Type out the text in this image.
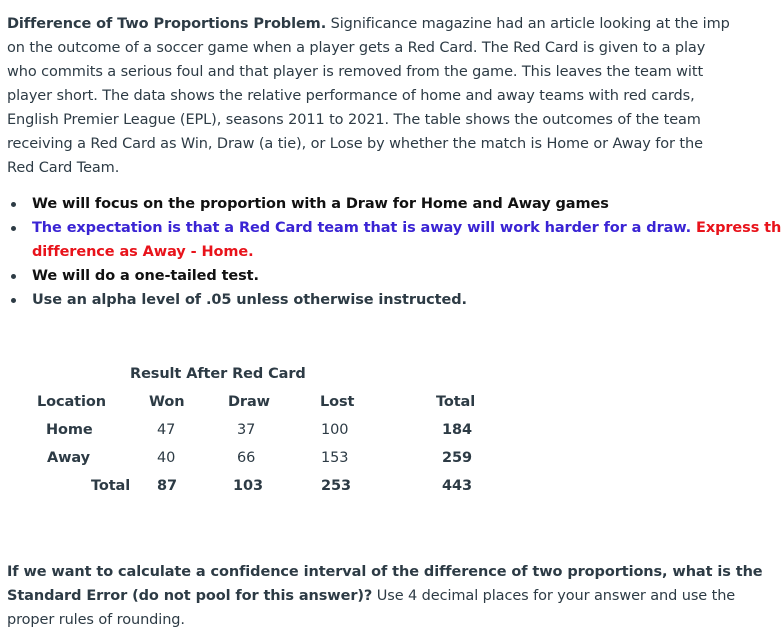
Difference of Two Proportions Problem. Significance magazine had an article looking at the imp
on the outcome of a soccer game when a player gets a Red Card. The Red Card is given to a play
who commits a serious foul and that player is removed from the game. This leaves the team witt
player short. The data shows the relative performance of home and away teams with red cards,
English Premier League (EPL), seasons 2011 to 2021. The table shows the outcomes of the team
receiving a Red Card as Win, Draw (a tie), or Lose by whether the match is Home or Away for the
Red Card Team.
We will focus on the proportion with a Draw for Home and Away games
The expectation is that a Red Card team that is away will work harder for a draw. Express th
difference as Away - Home.
We will do a one-tailed test.
Use an alpha level of .05 unless otherwise instructed.
Result After Red Card
Location	Won	Draw	Lost	Total
Home	47	37	100	184
Away	40	66	153	259
Total 87	103	253	443
If we want to calculate a confidence interval of the difference of two proportions, what is the
Standard Error (do not pool for this answer)? Use 4 decimal places for your answer and use the
proper rules of rounding.
